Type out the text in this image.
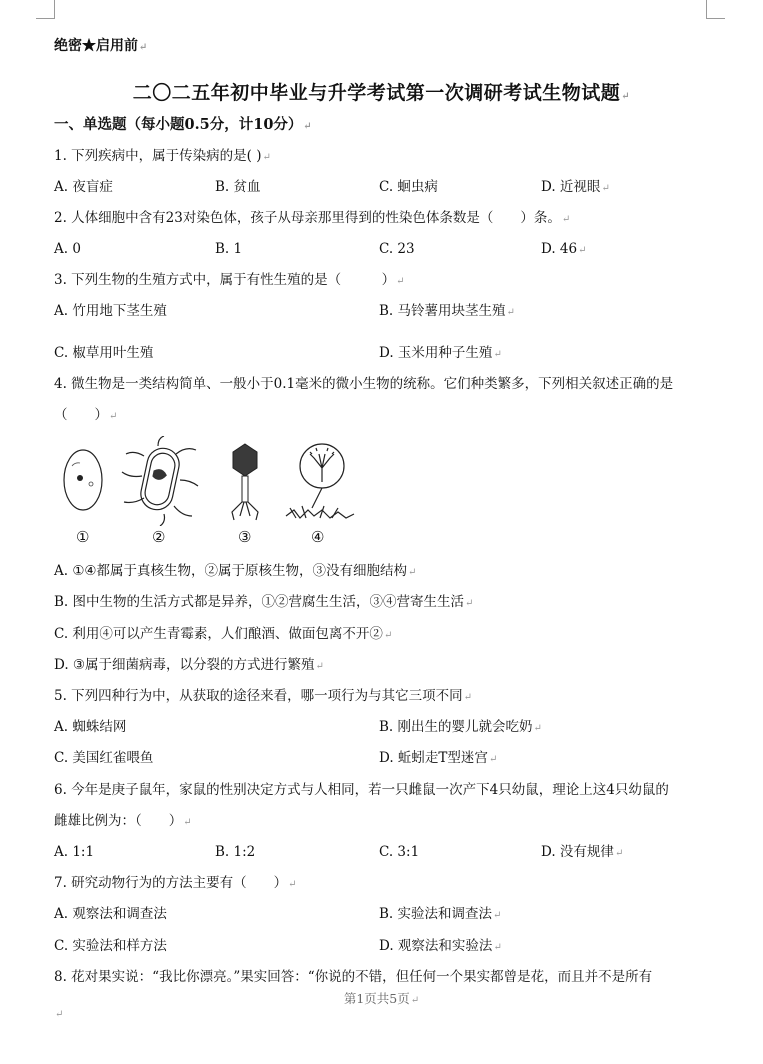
绝密★启用前↵
二〇二五年初中毕业与升学考试第一次调研考试生物试题↵
一、单选题（每小题0.5分，计10分）↵
1. 下列疾病中，属于传染病的是( )↵
A. 夜盲症	B. 贫血	C. 蛔虫病	D. 近视眼↵
2. 人体细胞中含有23对染色体，孩子从母亲那里得到的性染色体条数是（　　）条。↵
A. 0	B. 1	C. 23	D. 46↵
3. 下列生物的生殖方式中，属于有性生殖的是（　　　）↵
A. 竹用地下茎生殖	B. 马铃薯用块茎生殖↵
C. 椒草用叶生殖	D. 玉米用种子生殖↵
4. 微生物是一类结构简单、一般小于0.1毫米的微小生物的统称。它们种类繁多，下列相关叙述正确的是
（　　）↵
①	②	③	④
A. ①④都属于真核生物，②属于原核生物，③没有细胞结构↵
B. 图中生物的生活方式都是异养，①②营腐生生活，③④营寄生生活↵
C. 利用④可以产生青霉素，人们酿酒、做面包离不开②↵
D. ③属于细菌病毒，以分裂的方式进行繁殖↵
5. 下列四种行为中，从获取的途径来看，哪一项行为与其它三项不同↵
A. 蜘蛛结网	B. 刚出生的婴儿就会吃奶↵
C. 美国红雀喂鱼	D. 蚯蚓走T型迷宫↵
6. 今年是庚子鼠年，家鼠的性别决定方式与人相同，若一只雌鼠一次产下4只幼鼠，理论上这4只幼鼠的
雌雄比例为：（　　）↵
A. 1:1	B. 1:2	C. 3:1	D. 没有规律↵
7. 研究动物行为的方法主要有（　　）↵
A. 观察法和调查法	B. 实验法和调查法↵
C. 实验法和样方法	D. 观察法和实验法↵
8. 花对果实说：“我比你漂亮。”果实回答：“你说的不错，但任何一个果实都曾是花，而且并不是所有
第1页共5页↵
↵
